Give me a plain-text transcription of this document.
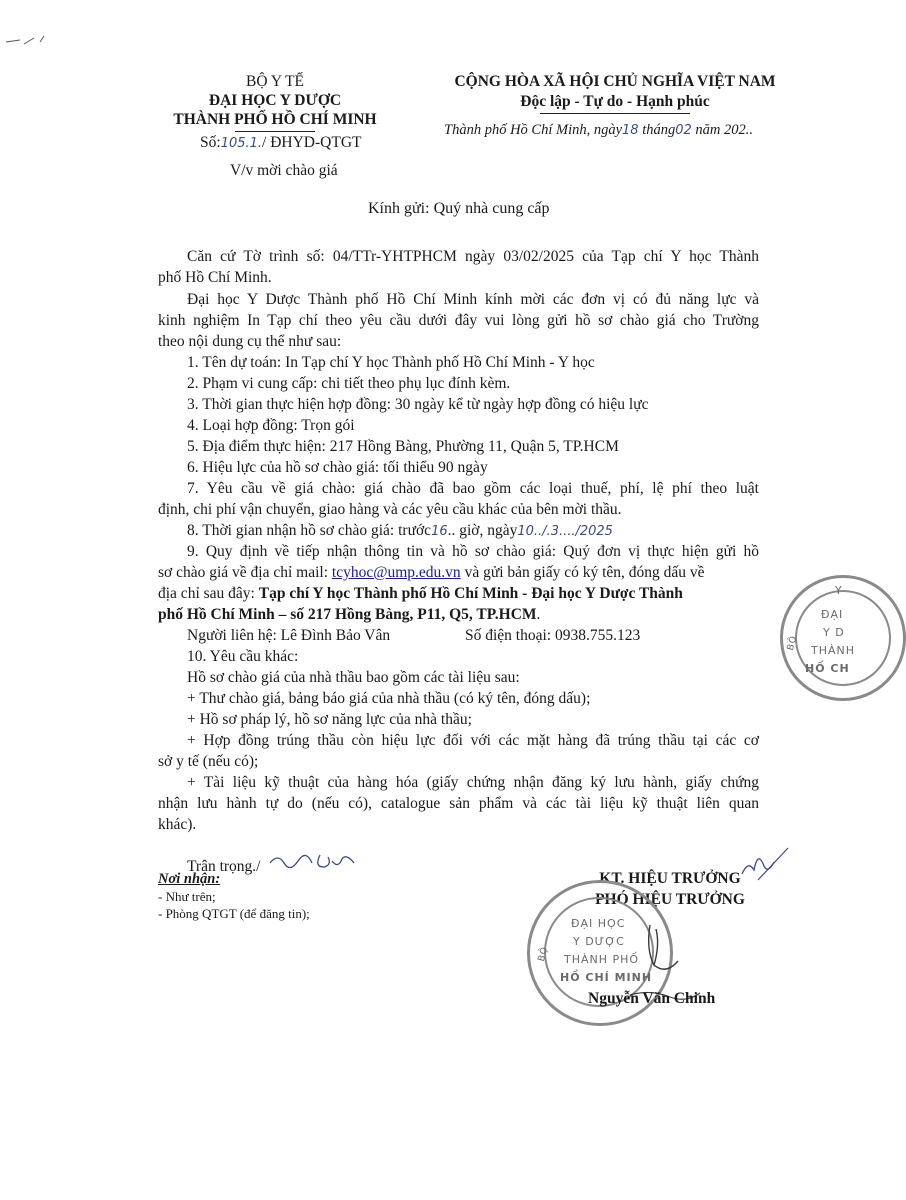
BỘ Y TẾ
ĐẠI HỌC Y DƯỢC
THÀNH PHỐ HỒ CHÍ MINH
Số:105.1./ ĐHYD-QTGT
V/v mời chào giá
CỘNG HÒA XÃ HỘI CHỦ NGHĨA VIỆT NAM
Độc lập - Tự do - Hạnh phúc
Thành phố Hồ Chí Minh, ngày18 tháng02 năm 202..
Kính gửi: Quý nhà cung cấp
Căn cứ Tờ trình số: 04/TTr-YHTPHCM ngày 03/02/2025 của Tạp chí Y học Thành
phố Hồ Chí Minh.
Đại học Y Dược Thành phố Hồ Chí Minh kính mời các đơn vị có đủ năng lực và
kinh nghiệm In Tạp chí theo yêu cầu dưới đây vui lòng gửi hồ sơ chào giá cho Trường
theo nội dung cụ thể như sau:
1. Tên dự toán: In Tạp chí Y học Thành phố Hồ Chí Minh - Y học
2. Phạm vi cung cấp: chi tiết theo phụ lục đính kèm.
3. Thời gian thực hiện hợp đồng: 30 ngày kể từ ngày hợp đồng có hiệu lực
4. Loại hợp đồng: Trọn gói
5. Địa điểm thực hiện: 217 Hồng Bàng, Phường 11, Quận 5, TP.HCM
6. Hiệu lực của hồ sơ chào giá: tối thiểu 90 ngày
7. Yêu cầu về giá chào: giá chào đã bao gồm các loại thuế, phí, lệ phí theo luật
định, chi phí vận chuyển, giao hàng và các yêu cầu khác của bên mời thầu.
8. Thời gian nhận hồ sơ chào giá: trước16.. giờ, ngày10../.3..../2025
9. Quy định về tiếp nhận thông tin và hồ sơ chào giá: Quý đơn vị thực hiện gửi hồ
sơ chào giá về địa chỉ mail: tcyhoc@ump.edu.vn và gửi bản giấy có ký tên, đóng dấu về
địa chỉ sau đây: Tạp chí Y học Thành phố Hồ Chí Minh - Đại học Y Dược Thành
phố Hồ Chí Minh – số 217 Hồng Bàng, P11, Q5, TP.HCM.
Người liên hệ: Lê Đình Bảo Vân	Số điện thoại: 0938.755.123
10. Yêu cầu khác:
Hồ sơ chào giá của nhà thầu bao gồm các tài liệu sau:
+ Thư chào giá, bảng báo giá của nhà thầu (có ký tên, đóng dấu);
+ Hồ sơ pháp lý, hồ sơ năng lực của nhà thầu;
+ Hợp đồng trúng thầu còn hiệu lực đối với các mặt hàng đã trúng thầu tại các cơ
sở y tế (nếu có);
+ Tài liệu kỹ thuật của hàng hóa (giấy chứng nhận đăng ký lưu hành, giấy chứng
nhận lưu hành tự do (nếu có), catalogue sản phẩm và các tài liệu kỹ thuật liên quan
khác).
Trân trọng./
Nơi nhận:
- Như trên;
- Phòng QTGT (để đăng tin);
KT. HIỆU TRƯỞNG
PHÓ HIỆU TRƯỞNG
ĐẠI HỌC
Y DƯỢC
THÀNH PHỐ
HỒ CHÍ MINH
BỘ
Nguyễn Văn Chinh
Y
ĐẠI
Y D
THÀNH
HỐ CH
BỘ
